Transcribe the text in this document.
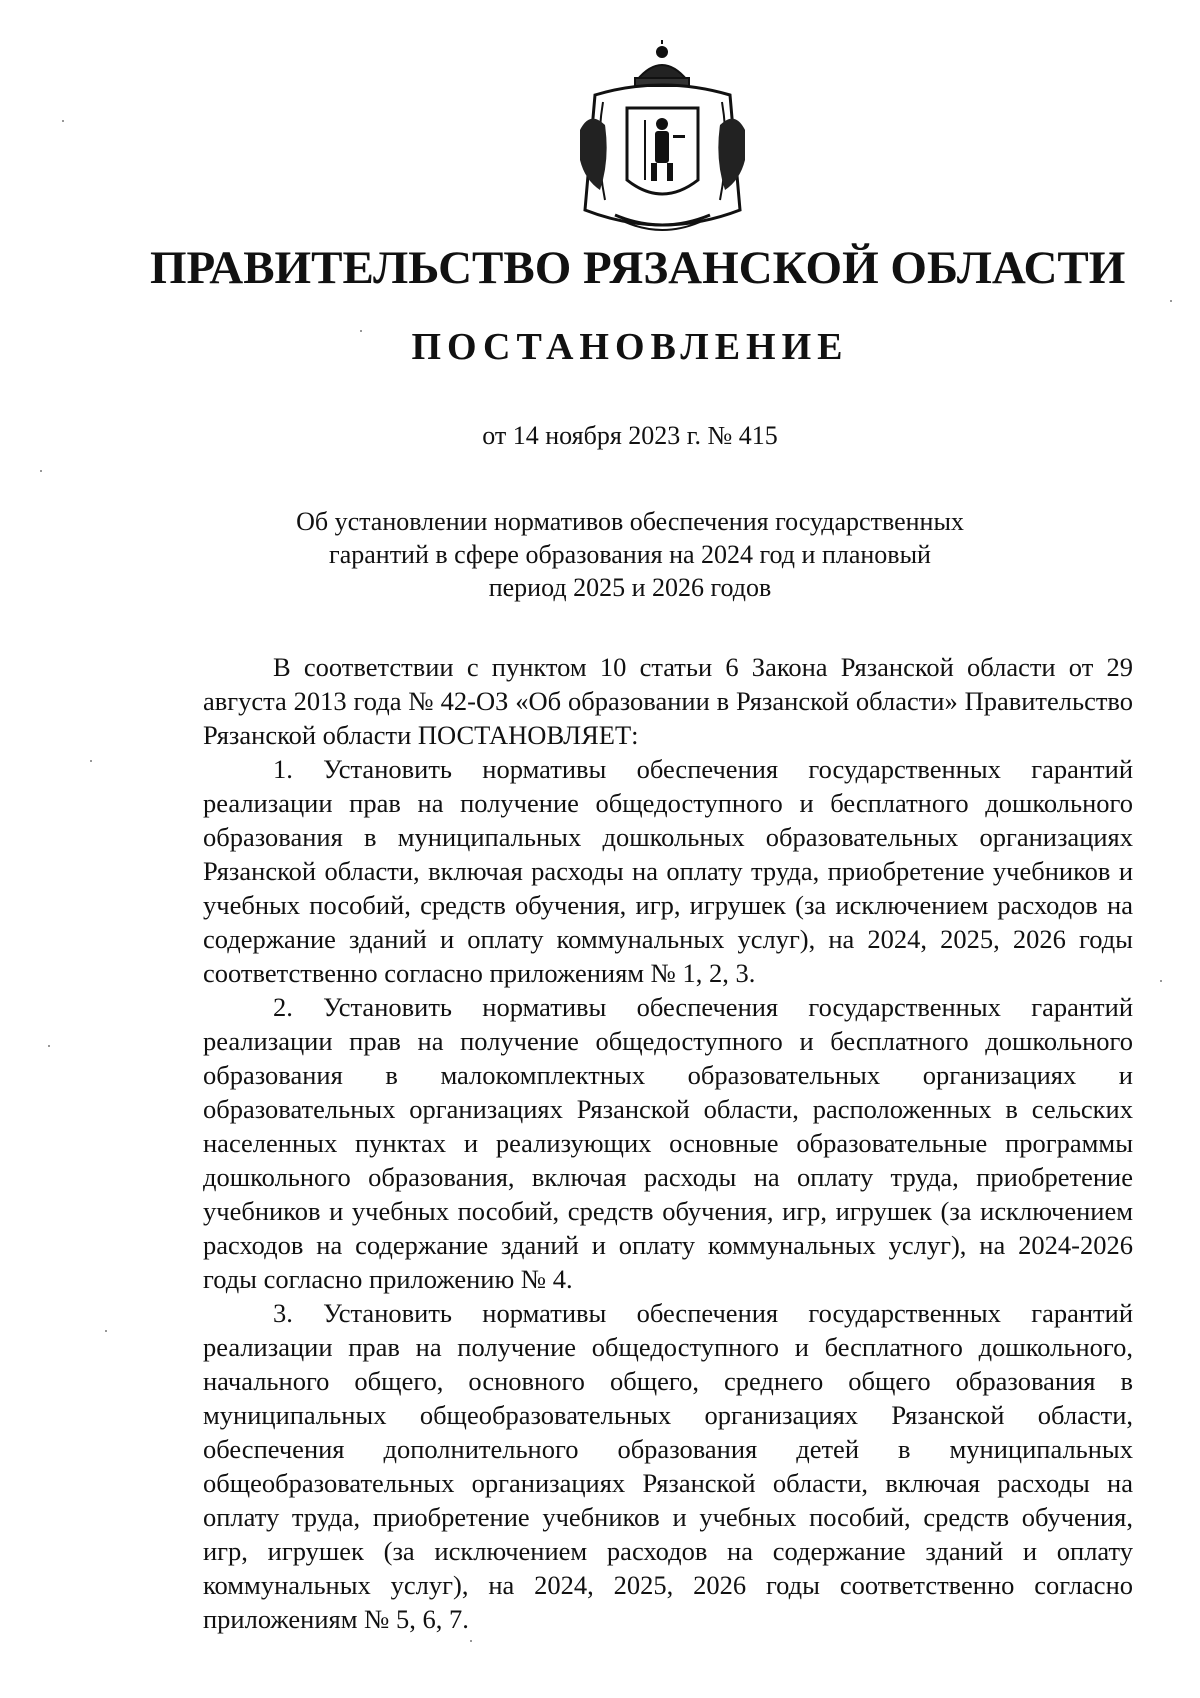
ПРАВИТЕЛЬСТВО РЯЗАНСКОЙ ОБЛАСТИ
ПОСТАНОВЛЕНИЕ
от 14 ноября 2023 г. № 415
Об установлении нормативов обеспечения государственных
гарантий в сфере образования на 2024 год и плановый
период 2025 и 2026 годов

В соответствии с пунктом 10 статьи 6 Закона Рязанской области от 29 августа 2013 года № 42-ОЗ «Об образовании в Рязанской области» Правительство Рязанской области ПОСТАНОВЛЯЕТ:

1. Установить нормативы обеспечения государственных гарантий реализации прав на получение общедоступного и бесплатного дошкольного образования в муниципальных дошкольных образовательных организациях Рязанской области, включая расходы на оплату труда, приобретение учебников и учебных пособий, средств обучения, игр, игрушек (за исключением расходов на содержание зданий и оплату коммунальных услуг), на 2024, 2025, 2026 годы соответственно согласно приложениям № 1, 2, 3.

2. Установить нормативы обеспечения государственных гарантий реализации прав на получение общедоступного и бесплатного дошкольного образования в малокомплектных образовательных организациях и образовательных организациях Рязанской области, расположенных в сельских населенных пунктах и реализующих основные образовательные программы дошкольного образования, включая расходы на оплату труда, приобретение учебников и учебных пособий, средств обучения, игр, игрушек (за исключением расходов на содержание зданий и оплату коммунальных услуг), на 2024-2026 годы согласно приложению № 4.

3. Установить нормативы обеспечения государственных гарантий реализации прав на получение общедоступного и бесплатного дошкольного, начального общего, основного общего, среднего общего образования в муниципальных общеобразовательных организациях Рязанской области, обеспечения дополнительного образования детей в муниципальных общеобразовательных организациях Рязанской области, включая расходы на оплату труда, приобретение учебников и учебных пособий, средств обучения, игр, игрушек (за исключением расходов на содержание зданий и оплату коммунальных услуг), на 2024, 2025, 2026 годы соответственно согласно приложениям № 5, 6, 7.
